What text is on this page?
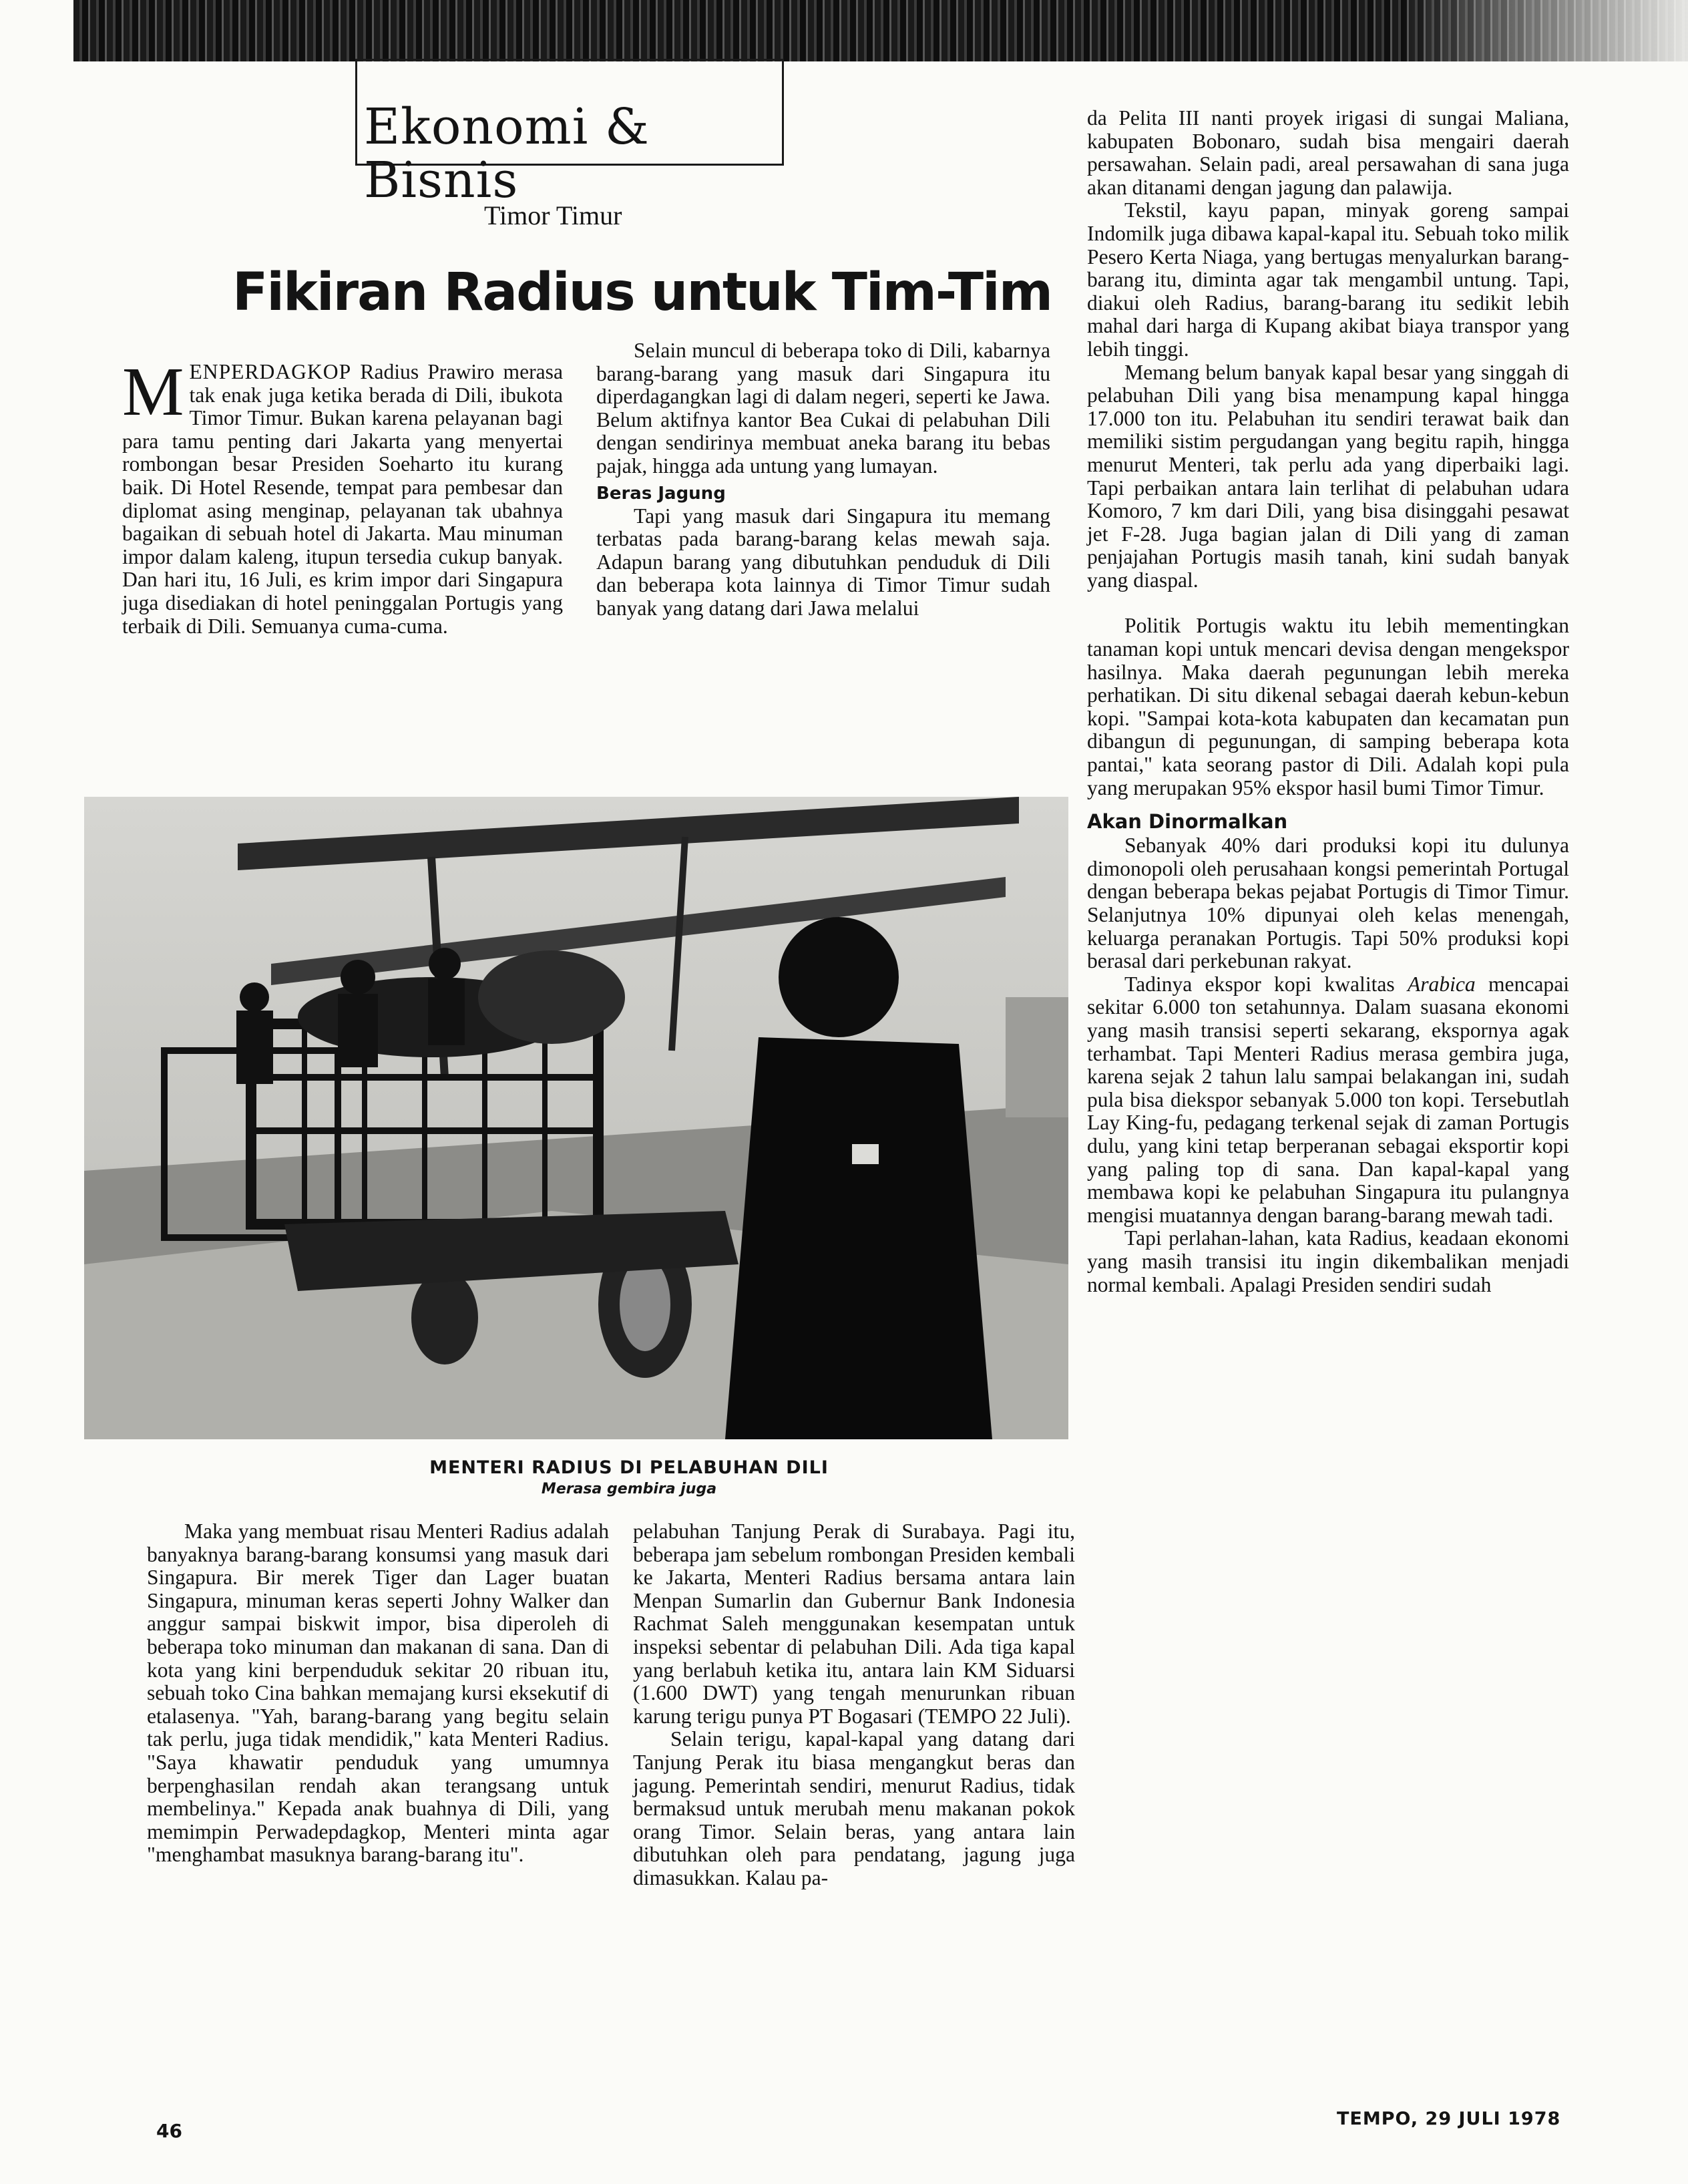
Ekonomi & Bisnis
Timor Timur
Fikiran Radius untuk Tim-Tim

MENPERDAGKOP Radius Prawiro merasa tak enak juga ketika berada di Dili, ibukota Timor Timur. Bukan karena pelayanan bagi para tamu penting dari Jakarta yang menyertai rombongan besar Presiden Soeharto itu kurang baik. Di Hotel Resende, tempat para pembesar dan diplomat asing menginap, pelayanan tak ubahnya bagaikan di sebuah hotel di Jakarta. Mau minuman impor dalam kaleng, itupun tersedia cukup banyak. Dan hari itu, 16 Juli, es krim impor dari Singapura juga disediakan di hotel peninggalan Portugis yang terbaik di Dili. Semuanya cuma-cuma.

Selain muncul di beberapa toko di Dili, kabarnya barang-barang yang masuk dari Singapura itu diperdagangkan lagi di dalam negeri, seperti ke Jawa. Belum aktifnya kantor Bea Cukai di pelabuhan Dili dengan sendirinya membuat aneka barang itu bebas pajak, hingga ada untung yang lumayan.

Beras Jagung

Tapi yang masuk dari Singapura itu memang terbatas pada barang-barang kelas mewah saja. Adapun barang yang dibutuhkan penduduk di Dili dan beberapa kota lainnya di Timor Timur sudah banyak yang datang dari Jawa melalui

da Pelita III nanti proyek irigasi di sungai Maliana, kabupaten Bobonaro, sudah bisa mengairi daerah persawahan. Selain padi, areal persawahan di sana juga akan ditanami dengan jagung dan palawija.

Tekstil, kayu papan, minyak goreng sampai Indomilk juga dibawa kapal-kapal itu. Sebuah toko milik Pesero Kerta Niaga, yang bertugas menyalurkan barang-barang itu, diminta agar tak mengambil untung. Tapi, diakui oleh Radius, barang-barang itu sedikit lebih mahal dari harga di Kupang akibat biaya transpor yang lebih tinggi.

Memang belum banyak kapal besar yang singgah di pelabuhan Dili yang bisa menampung kapal hingga 17.000 ton itu. Pelabuhan itu sendiri terawat baik dan memiliki sistim pergudangan yang begitu rapih, hingga menurut Menteri, tak perlu ada yang diperbaiki lagi. Tapi perbaikan antara lain terlihat di pelabuhan udara Komoro, 7 km dari Dili, yang bisa disinggahi pesawat jet F-28. Juga bagian jalan di Dili yang di zaman penjajahan Portugis masih tanah, kini sudah banyak yang diaspal.

Politik Portugis waktu itu lebih mementingkan tanaman kopi untuk mencari devisa dengan mengekspor hasilnya. Maka daerah pegunungan lebih mereka perhatikan. Di situ dikenal sebagai daerah kebun-kebun kopi. "Sampai kota-kota kabupaten dan kecamatan pun dibangun di pegunungan, di samping beberapa kota pantai," kata seorang pastor di Dili. Adalah kopi pula yang merupakan 95% ekspor hasil bumi Timor Timur.

Akan Dinormalkan

Sebanyak 40% dari produksi kopi itu dulunya dimonopoli oleh perusahaan kongsi pemerintah Portugal dengan beberapa bekas pejabat Portugis di Timor Timur. Selanjutnya 10% dipunyai oleh kelas menengah, keluarga peranakan Portugis. Tapi 50% produksi kopi berasal dari perkebunan rakyat.

Tadinya ekspor kopi kwalitas Arabica mencapai sekitar 6.000 ton setahunnya. Dalam suasana ekonomi yang masih transisi seperti sekarang, ekspornya agak terhambat. Tapi Menteri Radius merasa gembira juga, karena sejak 2 tahun lalu sampai belakangan ini, sudah pula bisa diekspor sebanyak 5.000 ton kopi. Tersebutlah Lay King-fu, pedagang terkenal sejak di zaman Portugis dulu, yang kini tetap berperanan sebagai eksportir kopi yang paling top di sana. Dan kapal-kapal yang membawa kopi ke pelabuhan Singapura itu pulangnya mengisi muatannya dengan barang-barang mewah tadi.

Tapi perlahan-lahan, kata Radius, keadaan ekonomi yang masih transisi itu ingin dikembalikan menjadi normal kembali. Apalagi Presiden sendiri sudah

MENTERI RADIUS DI PELABUHAN DILI
Merasa gembira juga

Maka yang membuat risau Menteri Radius adalah banyaknya barang-barang konsumsi yang masuk dari Singapura. Bir merek Tiger dan Lager buatan Singapura, minuman keras seperti Johny Walker dan anggur sampai biskwit impor, bisa diperoleh di beberapa toko minuman dan makanan di sana. Dan di kota yang kini berpenduduk sekitar 20 ribuan itu, sebuah toko Cina bahkan memajang kursi eksekutif di etalasenya. "Yah, barang-barang yang begitu selain tak perlu, juga tidak mendidik," kata Menteri Radius. "Saya khawatir penduduk yang umumnya berpenghasilan rendah akan terangsang untuk membelinya." Kepada anak buahnya di Dili, yang memimpin Perwadepdagkop, Menteri minta agar "menghambat masuknya barang-barang itu".

pelabuhan Tanjung Perak di Surabaya. Pagi itu, beberapa jam sebelum rombongan Presiden kembali ke Jakarta, Menteri Radius bersama antara lain Menpan Sumarlin dan Gubernur Bank Indonesia Rachmat Saleh menggunakan kesempatan untuk inspeksi sebentar di pelabuhan Dili. Ada tiga kapal yang berlabuh ketika itu, antara lain KM Siduarsi (1.600 DWT) yang tengah menurunkan ribuan karung terigu punya PT Bogasari (TEMPO 22 Juli).

Selain terigu, kapal-kapal yang datang dari Tanjung Perak itu biasa mengangkut beras dan jagung. Pemerintah sendiri, menurut Radius, tidak bermaksud untuk merubah menu makanan pokok orang Timor. Selain beras, yang antara lain dibutuhkan oleh para pendatang, jagung juga dimasukkan. Kalau pa-

TEMPO, 29 JULI 1978
46
